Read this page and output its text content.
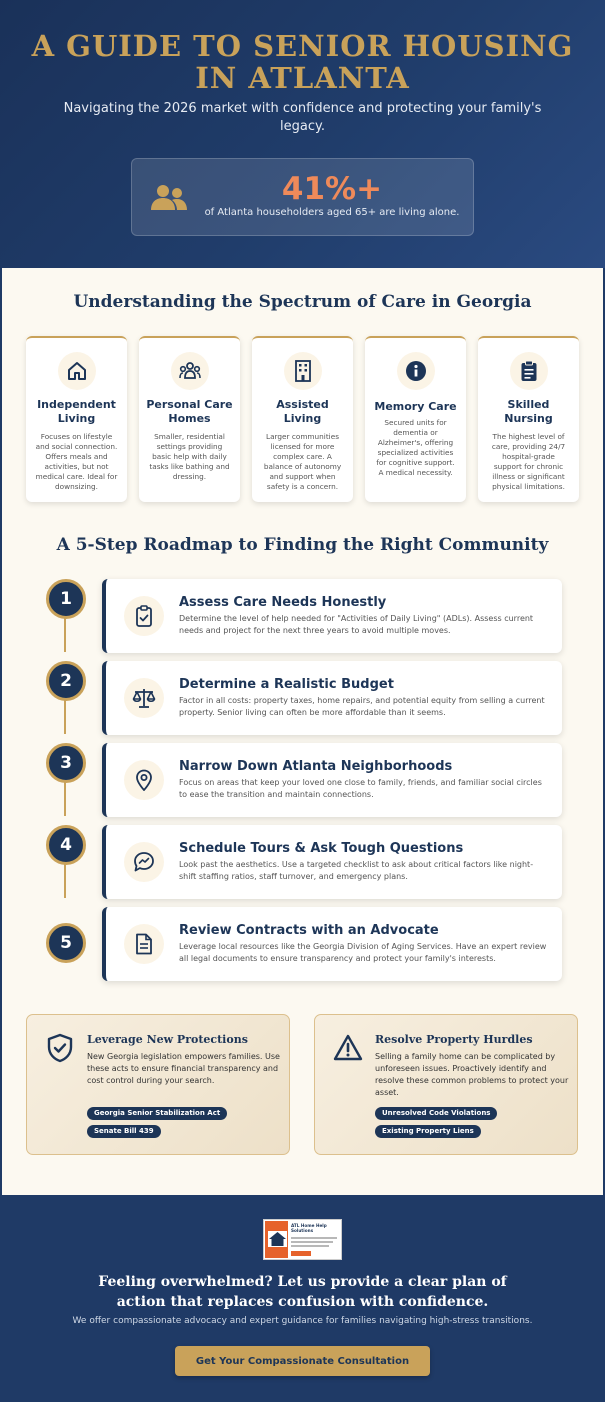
A GUIDE TO SENIOR HOUSING IN ATLANTA
Navigating the 2026 market with confidence and protecting your family's legacy.
41%+
of Atlanta householders aged 65+ are living alone.
Understanding the Spectrum of Care in Georgia
Independent Living
Focuses on lifestyle and social connection. Offers meals and activities, but not medical care. Ideal for downsizing.
Personal Care Homes
Smaller, residential settings providing basic help with daily tasks like bathing and dressing.
Assisted Living
Larger communities licensed for more complex care. A balance of autonomy and support when safety is a concern.
Memory Care
Secured units for dementia or Alzheimer's, offering specialized activities for cognitive support. A medical necessity.
Skilled Nursing
The highest level of care, providing 24/7 hospital-grade support for chronic illness or significant physical limitations.
A 5-Step Roadmap to Finding the Right Community
1	Assess Care Needs Honestly
Determine the level of help needed for "Activities of Daily Living" (ADLs). Assess current needs and project for the next three years to avoid multiple moves.
2	Determine a Realistic Budget
Factor in all costs: property taxes, home repairs, and potential equity from selling a current property. Senior living can often be more affordable than it seems.
3	Narrow Down Atlanta Neighborhoods
Focus on areas that keep your loved one close to family, friends, and familiar social circles to ease the transition and maintain connections.
4	Schedule Tours & Ask Tough Questions
Look past the aesthetics. Use a targeted checklist to ask about critical factors like night-shift staffing ratios, staff turnover, and emergency plans.
5
Review Contracts with an Advocate
Leverage local resources like the Georgia Division of Aging Services. Have an expert review all legal documents to ensure transparency and protect your family's interests.
Leverage New Protections
New Georgia legislation empowers families. Use these acts to ensure financial transparency and cost control during your search.
Georgia Senior Stabilization Act
Senate Bill 439
Resolve Property Hurdles
Selling a family home can be complicated by unforeseen issues. Proactively identify and resolve these common problems to protect your asset.
Unresolved Code Violations
Existing Property Liens
ATL Home Help Solutions
Feeling overwhelmed? Let us provide a clear plan of action that replaces confusion with confidence.
We offer compassionate advocacy and expert guidance for families navigating high-stress transitions.
Get Your Compassionate Consultation
